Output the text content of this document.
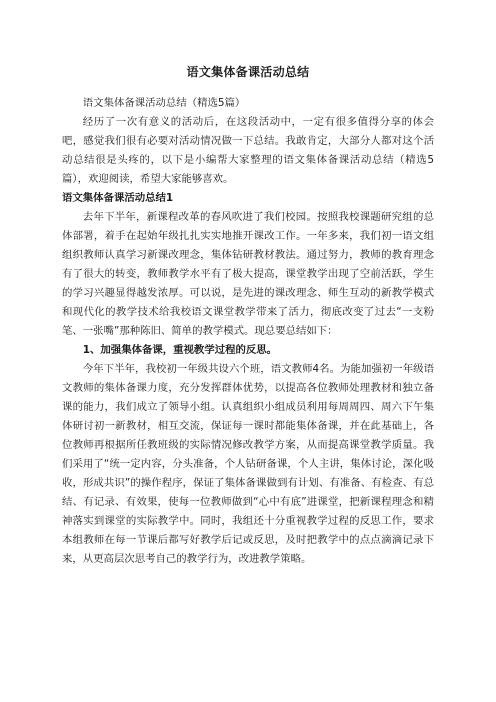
语文集体备课活动总结

语文集体备课活动总结（精选5篇）

经历了一次有意义的活动后，在这段活动中，一定有很多值得分享的体会吧，感觉我们很有必要对活动情况做一下总结。我敢肯定，大部分人都对这个活动总结很是头疼的，以下是小编帮大家整理的语文集体备课活动总结（精选5篇），欢迎阅读，希望大家能够喜欢。

语文集体备课活动总结1

去年下半年，新课程改革的春风吹进了我们校园。按照我校课题研究组的总体部署，着手在起始年级扎扎实实地推开课改工作。一年多来，我们初一语文组组织教师认真学习新课改理念，集体钻研教材教法。通过努力，教师的教育理念有了很大的转变，教师教学水平有了极大提高，课堂教学出现了空前活跃，学生的学习兴趣显得越发浓厚。可以说，是先进的课改理念、师生互动的新教学模式和现代化的教学技术给我校语文课堂教学带来了活力，彻底改变了过去“一支粉笔、一张嘴”那种陈旧、简单的教学模式。现总要总结如下：

1、加强集体备课，重视教学过程的反思。

今年下半年，我校初一年级共设六个班，语文教师4名。为能加强初一年级语文教师的集体备课力度，充分发挥群体优势，以提高各位教师处理教材和独立备课的能力，我们成立了领导小组。认真组织小组成员利用每周周四、周六下午集体研讨初一新教材，相互交流，保证每一课时都能集体备课，并在此基础上，各位教师再根据所任教班级的实际情况修改教学方案，从而提高课堂教学质量。我们采用了“统一定内容，分头准备，个人钻研备课，个人主讲，集体讨论，深化吸收，形成共识”的操作程序，保证了集体备课做到有计划、有准备、有检查、有总结、有记录、有效果，使每一位教师做到“心中有底”进课堂，把新课程理念和精神落实到课堂的实际教学中。同时，我组还十分重视教学过程的反思工作，要求本组教师在每一节课后都写好教学后记或反思，及时把教学中的点点滴滴记录下来，从更高层次思考自己的教学行为，改进教学策略。
